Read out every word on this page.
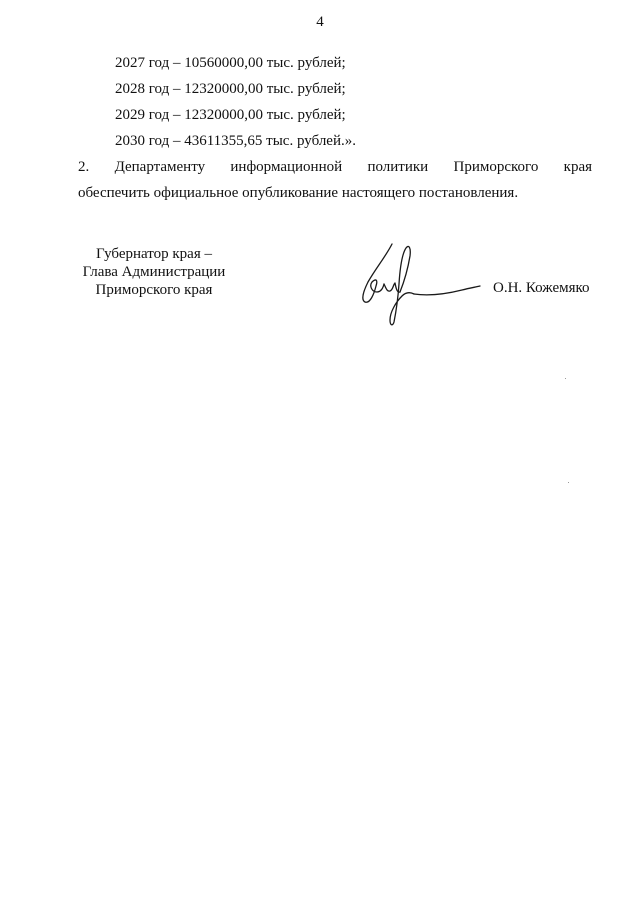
4
2027 год – 10560000,00 тыс. рублей;
2028 год – 12320000,00 тыс. рублей;
2029 год – 12320000,00 тыс. рублей;
2030 год – 43611355,65 тыс. рублей.».
2. Департаменту информационной политики Приморского края
обеспечить официальное опубликование настоящего постановления.
Губернатор края –
Глава Администрации
Приморского края	О.Н. Кожемяко
